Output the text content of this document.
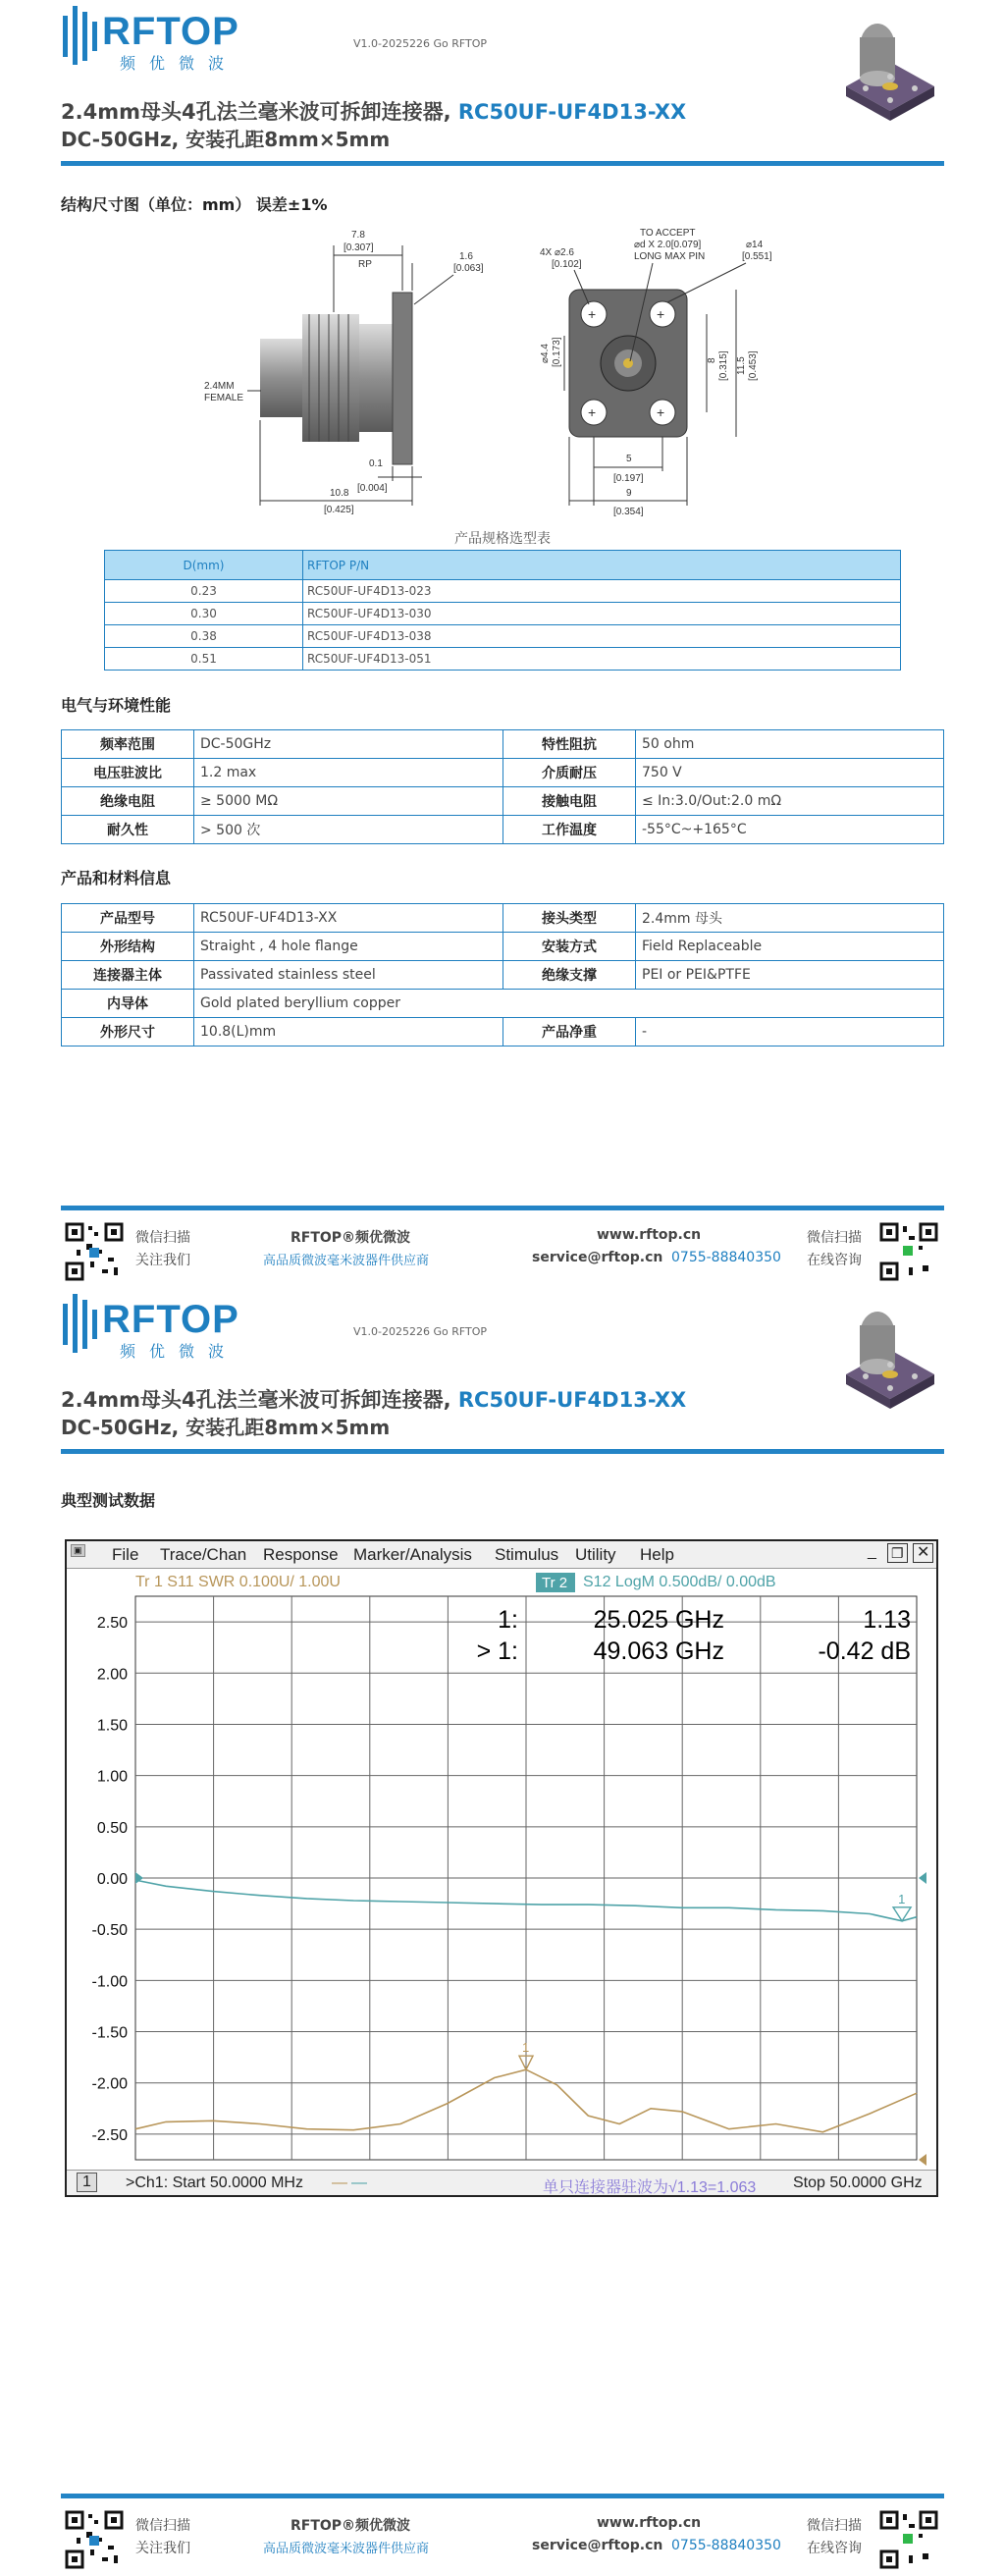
RFTOP
频优微波
V1.0-2025226 Go RFTOP
2.4mm母头4孔法兰毫米波可拆卸连接器, RC50UF-UF4D13-XX
DC-50GHz, 安装孔距8mm×5mm
结构尺寸图（单位：mm） 误差±1%
7.8
[0.307]
RP
1.6
[0.063]
2.4MM
FEMALE
0.1
[0.004]
10.8
[0.425]
+	+
+	+
4X ⌀2.6
[0.102]
TO ACCEPT
⌀d X 2.0[0.079]
LONG MAX PIN
⌀14
[0.551]
⌀4.4 [0.173]	8 [0.315] 11.5 [0.453]
5
[0.197]
9
[0.354]
产品规格选型表
D(mm)	RFTOP P/N
0.23	RC50UF-UF4D13-023
0.30	RC50UF-UF4D13-030
0.38	RC50UF-UF4D13-038
0.51	RC50UF-UF4D13-051
电气与环境性能
频率范围	DC-50GHz	特性阻抗	50 ohm
电压驻波比	1.2 max	介质耐压	750 V
绝缘电阻	≥ 5000 MΩ	接触电阻	≤ In:3.0/Out:2.0 mΩ
耐久性	> 500 次	工作温度	-55°C~+165°C
产品和材料信息
产品型号	RC50UF-UF4D13-XX	接头类型	2.4mm 母头
外形结构	Straight , 4 hole flange	安装方式	Field Replaceable
连接器主体	Passivated stainless steel	绝缘支撑	PEI or PEI&PTFE
内导体	Gold plated beryllium copper		
外形尺寸	10.8(L)mm	产品净重	-
微信扫描
关注我们
RFTOP®频优微波
高品质微波毫米波器件供应商
www.rftop.cn
service@rftop.cn 0755-88840350
微信扫描
在线咨询
RFTOP
频优微波
V1.0-2025226 Go RFTOP
2.4mm母头4孔法兰毫米波可拆卸连接器, RC50UF-UF4D13-XX
DC-50GHz, 安装孔距8mm×5mm
典型测试数据
微信扫描
关注我们
RFTOP®频优微波
高品质微波毫米波器件供应商
www.rftop.cn
service@rftop.cn 0755-88840350
微信扫描
在线咨询
▣ File Trace/Chan Response Marker/Analysis Stimulus Utility Help	_ ❐ ✕
2.50
2.00
1.50
1.00
0.50
0.00
-0.50
-1.00
-1.50
-2.00
-2.50
1
1
Tr 1 S11 SWR 0.100U/ 1.00U	Tr 2 S12 LogM 0.500dB/ 0.00dB
1:	25.025 GHz	1.13
> 1:	49.063 GHz	-0.42 dB
1	>Ch1: Start 50.0000 MHz — —	单只连接器驻波为√1.13=1.063 Stop 50.0000 GHz
